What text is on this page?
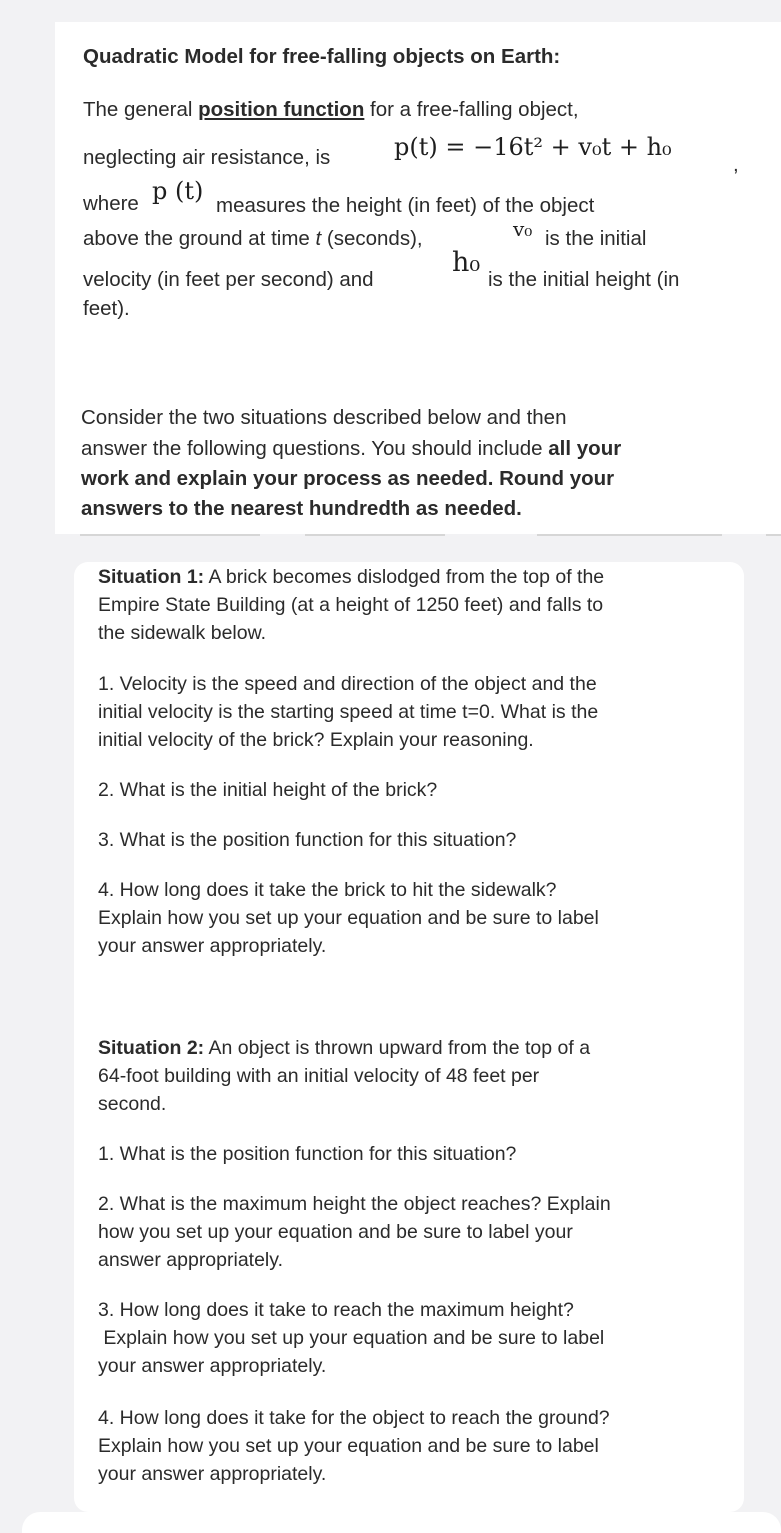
Quadratic Model for free-falling objects on Earth:
The general position function for a free-falling object,
neglecting air resistance, is	p(t) = −16t² + v₀t + h₀
,
where p (t)
measures the height (in feet) of the object
above the ground at time t (seconds),	v₀ is the initial
velocity (in feet per second) and
h₀
is the initial height (in
feet).
Consider the two situations described below and then
answer the following questions. You should include all your
work and explain your process as needed. Round your
answers to the nearest hundredth as needed.
Situation 1: A brick becomes dislodged from the top of the
Empire State Building (at a height of 1250 feet) and falls to
the sidewalk below.
1. Velocity is the speed and direction of the object and the
initial velocity is the starting speed at time t=0. What is the
initial velocity of the brick? Explain your reasoning.
2. What is the initial height of the brick?
3. What is the position function for this situation?
4. How long does it take the brick to hit the sidewalk?
Explain how you set up your equation and be sure to label
your answer appropriately.
Situation 2: An object is thrown upward from the top of a
64-foot building with an initial velocity of 48 feet per
second.
1. What is the position function for this situation?
2. What is the maximum height the object reaches? Explain
how you set up your equation and be sure to label your
answer appropriately.
3. How long does it take to reach the maximum height?
Explain how you set up your equation and be sure to label
your answer appropriately.
4. How long does it take for the object to reach the ground?
Explain how you set up your equation and be sure to label
your answer appropriately.
